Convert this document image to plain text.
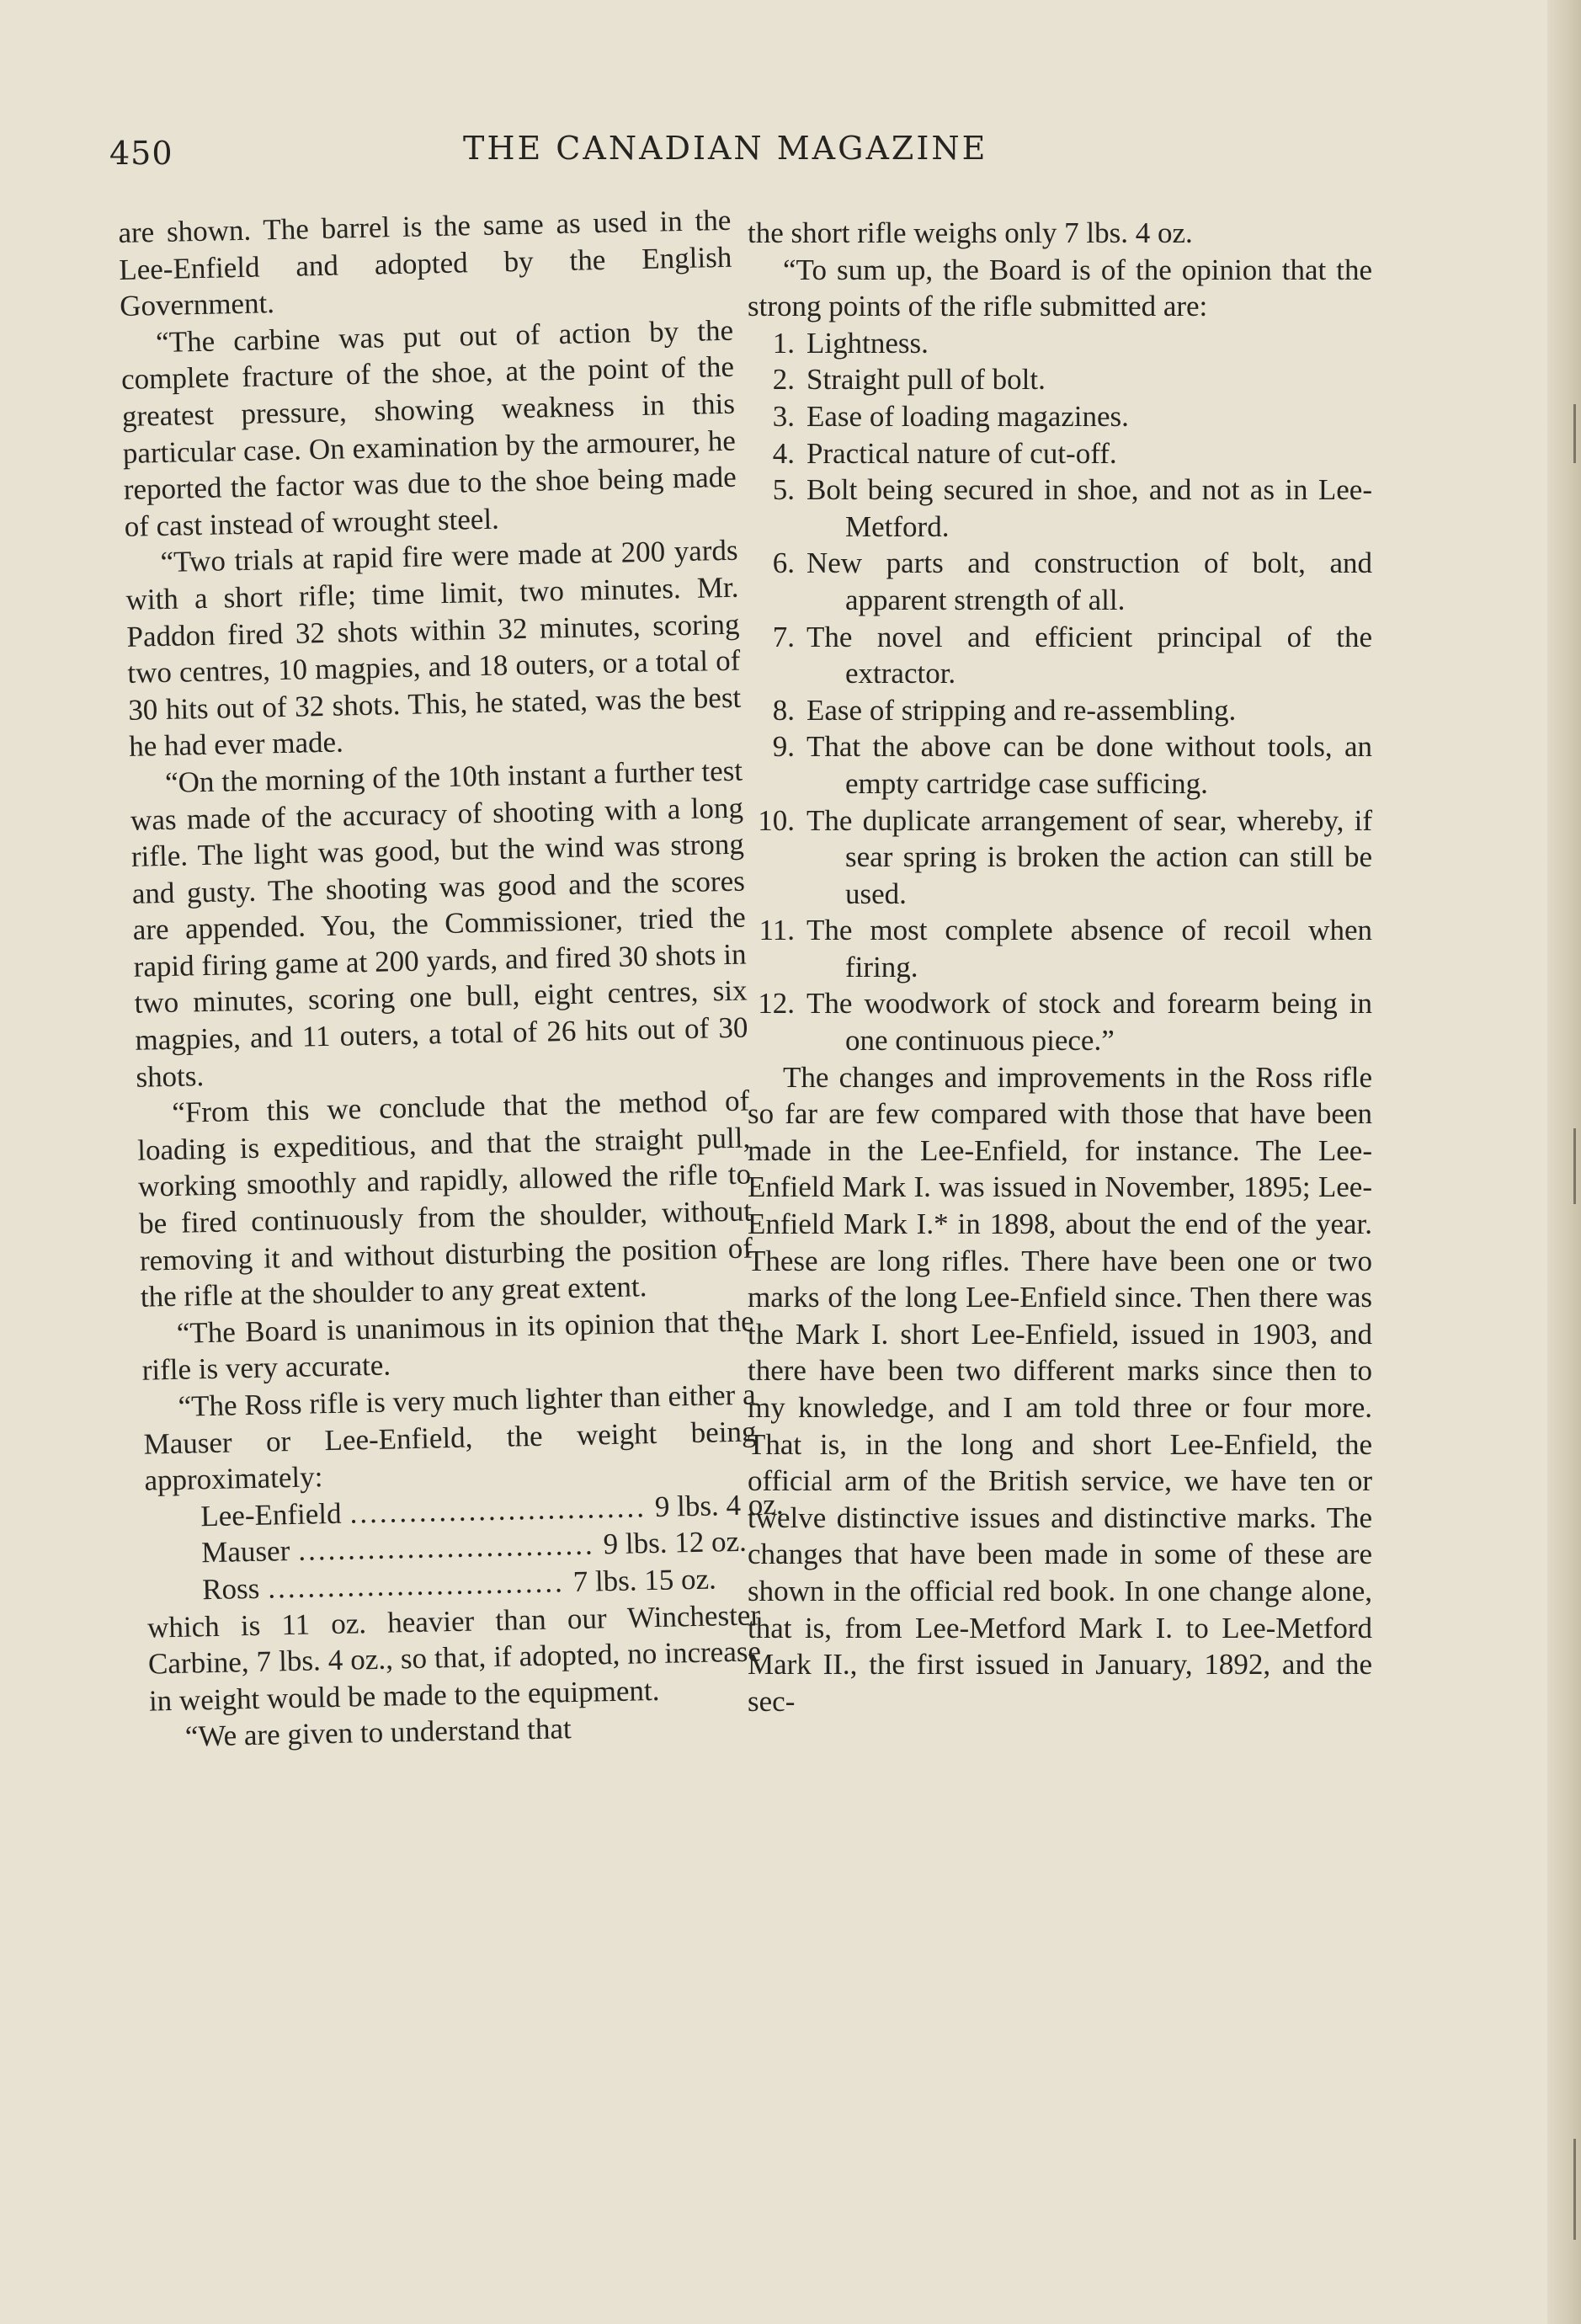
450	THE CANADIAN MAGAZINE

are shown. The barrel is the same as used in the Lee-Enfield and adopted by the English Government.

“The carbine was put out of action by the complete fracture of the shoe, at the point of the greatest pressure, showing weakness in this particular case. On examination by the armourer, he reported the factor was due to the shoe being made of cast instead of wrought steel.

“Two trials at rapid fire were made at 200 yards with a short rifle; time limit, two minutes. Mr. Paddon fired 32 shots within 32 minutes, scoring two centres, 10 magpies, and 18 outers, or a total of 30 hits out of 32 shots. This, he stated, was the best he had ever made.

“On the morning of the 10th instant a further test was made of the accuracy of shooting with a long rifle. The light was good, but the wind was strong and gusty. The shooting was good and the scores are appended. You, the Commissioner, tried the rapid firing game at 200 yards, and fired 30 shots in two minutes, scoring one bull, eight centres, six magpies, and 11 outers, a total of 26 hits out of 30 shots.

“From this we conclude that the method of loading is expeditious, and that the straight pull, working smoothly and rapidly, allowed the rifle to be fired continuously from the shoulder, without removing it and without disturbing the position of the rifle at the shoulder to any great extent.

“The Board is unanimous in its opinion that the rifle is very accurate.

“The Ross rifle is very much lighter than either a Mauser or Lee-Enfield, the weight being approximately:

Lee-Enfield .............................. 9 lbs. 4 oz.
Mauser .............................. 9 lbs. 12 oz.
Ross .............................. 7 lbs. 15 oz.

which is 11 oz. heavier than our Winchester Carbine, 7 lbs. 4 oz., so that, if adopted, no increase in weight would be made to the equipment.

“We are given to understand that

the short rifle weighs only 7 lbs. 4 oz.

“To sum up, the Board is of the opinion that the strong points of the rifle submitted are:

1. Lightness.
2. Straight pull of bolt.
3. Ease of loading magazines.
4. Practical nature of cut-off.
5. Bolt being secured in shoe, and not as in Lee-Metford.
6. New parts and construction of bolt, and apparent strength of all.
7. The novel and efficient principal of the extractor.
8. Ease of stripping and re-assembling.
9. That the above can be done without tools, an empty cartridge case sufficing.
10. The duplicate arrangement of sear, whereby, if sear spring is broken the action can still be used.
11. The most complete absence of recoil when firing.
12. The woodwork of stock and forearm being in one continuous piece.”

The changes and improvements in the Ross rifle so far are few compared with those that have been made in the Lee-Enfield, for instance. The Lee-Enfield Mark I. was issued in November, 1895; Lee-Enfield Mark I.* in 1898, about the end of the year. These are long rifles. There have been one or two marks of the long Lee-Enfield since. Then there was the Mark I. short Lee-Enfield, issued in 1903, and there have been two different marks since then to my knowledge, and I am told three or four more. That is, in the long and short Lee-Enfield, the official arm of the British service, we have ten or twelve distinctive issues and distinctive marks. The changes that have been made in some of these are shown in the official red book. In one change alone, that is, from Lee-Metford Mark I. to Lee-Metford Mark II., the first issued in January, 1892, and the sec-
